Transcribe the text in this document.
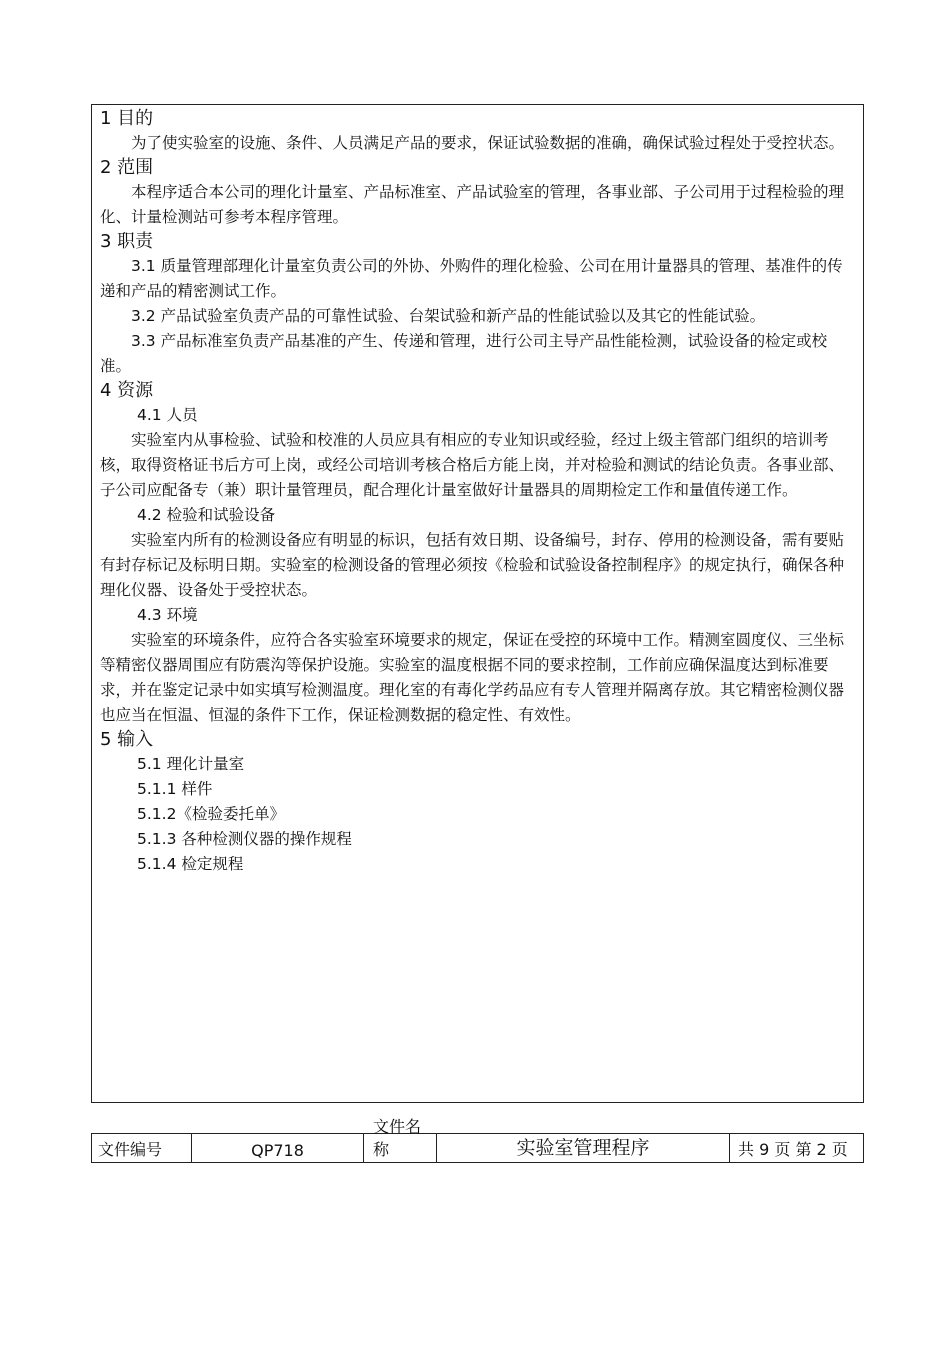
1 目的

为了使实验室的设施、条件、人员满足产品的要求，保证试验数据的准确，确保试验过程处于受控状态。

2 范围

本程序适合本公司的理化计量室、产品标准室、产品试验室的管理，各事业部、子公司用于过程检验的理化、计量检测站可参考本程序管理。

3 职责

3.1 质量管理部理化计量室负责公司的外协、外购件的理化检验、公司在用计量器具的管理、基准件的传递和产品的精密测试工作。

3.2 产品试验室负责产品的可靠性试验、台架试验和新产品的性能试验以及其它的性能试验。

3.3 产品标准室负责产品基准的产生、传递和管理，进行公司主导产品性能检测，试验设备的检定或校准。

4 资源

4.1 人员

实验室内从事检验、试验和校准的人员应具有相应的专业知识或经验，经过上级主管部门组织的培训考核，取得资格证书后方可上岗，或经公司培训考核合格后方能上岗，并对检验和测试的结论负责。各事业部、子公司应配备专（兼）职计量管理员，配合理化计量室做好计量器具的周期检定工作和量值传递工作。

4.2 检验和试验设备

实验室内所有的检测设备应有明显的标识，包括有效日期、设备编号，封存、停用的检测设备，需有要贴有封存标记及标明日期。实验室的检测设备的管理必须按《检验和试验设备控制程序》的规定执行，确保各种理化仪器、设备处于受控状态。

4.3 环境

实验室的环境条件，应符合各实验室环境要求的规定，保证在受控的环境中工作。精测室圆度仪、三坐标等精密仪器周围应有防震沟等保护设施。实验室的温度根据不同的要求控制，工作前应确保温度达到标准要求，并在鉴定记录中如实填写检测温度。理化室的有毒化学药品应有专人管理并隔离存放。其它精密检测仪器也应当在恒温、恒湿的条件下工作，保证检测数据的稳定性、有效性。

5 输入

5.1 理化计量室

5.1.1 样件

5.1.2《检验委托单》

5.1.3 各种检测仪器的操作规程

5.1.4 检定规程

文件编号	QP718
文件名称	实验室管理程序	共 9 页 第 2 页
